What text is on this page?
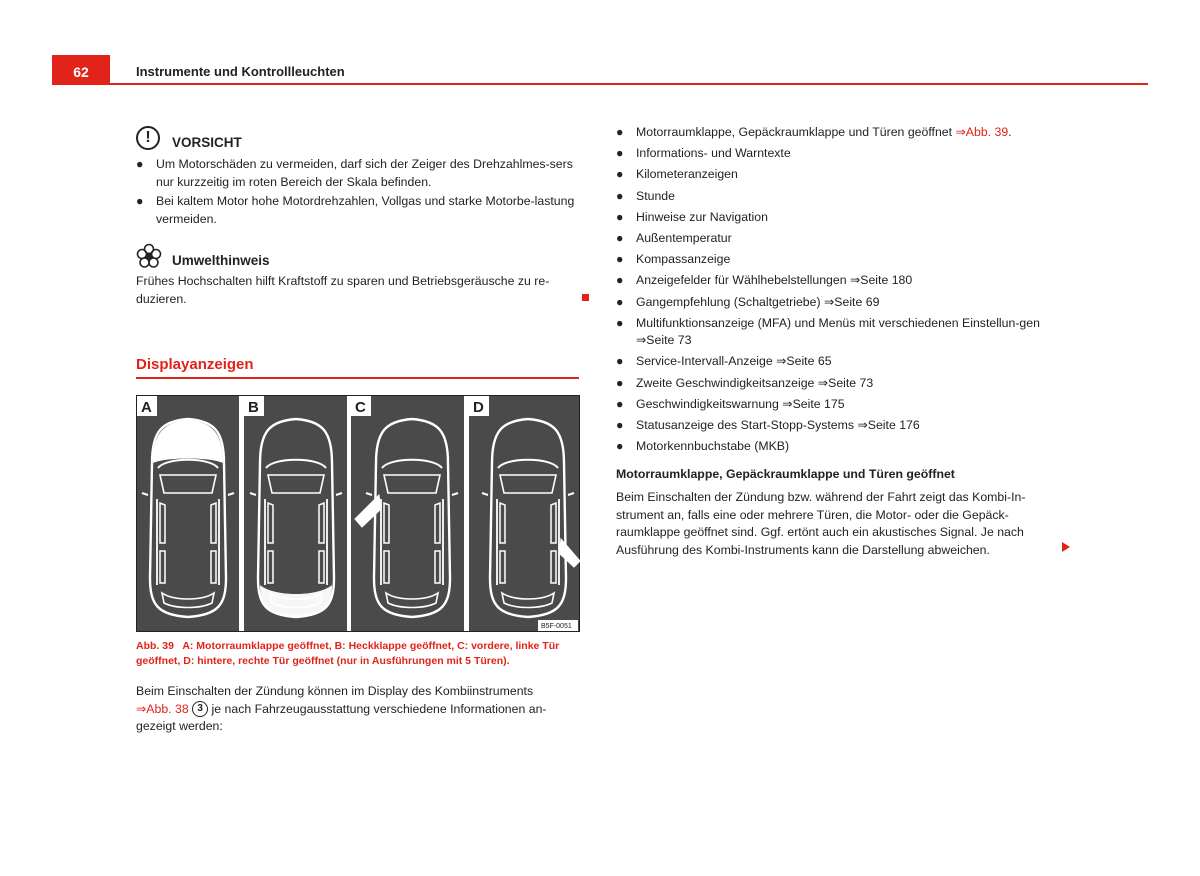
62	Instrumente und Kontrollleuchten
!	VORSICHT
●	Um Motorschäden zu vermeiden, darf sich der Zeiger des Drehzahlmes-sers nur kurzzeitig im roten Bereich der Skala befinden.
●	Bei kaltem Motor hohe Motordrehzahlen, Vollgas und starke Motorbe-lastung vermeiden.
Umwelthinweis
Frühes Hochschalten hilft Kraftstoff zu sparen und Betriebsgeräusche zu re-duzieren.
Displayanzeigen
A	B	C	D
B5F-0051
Abb. 39 A: Motorraumklappe geöffnet, B: Heckklappe geöffnet, C: vordere, linke Tür geöffnet, D: hintere, rechte Tür geöffnet (nur in Ausführungen mit 5 Türen).
Beim Einschalten der Zündung können im Display des Kombiinstruments
⇒Abb. 38 3 je nach Fahrzeugausstattung verschiedene Informationen an-gezeigt werden:
●	Motorraumklappe, Gepäckraumklappe und Türen geöffnet ⇒Abb. 39.
●	Informations- und Warntexte
●	Kilometeranzeigen
●	Stunde
●	Hinweise zur Navigation
●	Außentemperatur
●	Kompassanzeige
●	Anzeigefelder für Wählhebelstellungen ⇒Seite 180
●	Gangempfehlung (Schaltgetriebe) ⇒Seite 69
●	Multifunktionsanzeige (MFA) und Menüs mit verschiedenen Einstellun-gen ⇒Seite 73
●	Service-Intervall-Anzeige ⇒Seite 65
●	Zweite Geschwindigkeitsanzeige ⇒Seite 73
●	Geschwindigkeitswarnung ⇒Seite 175
●	Statusanzeige des Start-Stopp-Systems ⇒Seite 176
●	Motorkennbuchstabe (MKB)
Motorraumklappe, Gepäckraumklappe und Türen geöffnet
Beim Einschalten der Zündung bzw. während der Fahrt zeigt das Kombi-In-strument an, falls eine oder mehrere Türen, die Motor- oder die Gepäck-raumklappe geöffnet sind. Ggf. ertönt auch ein akustisches Signal. Je nach Ausführung des Kombi-Instruments kann die Darstellung abweichen.
